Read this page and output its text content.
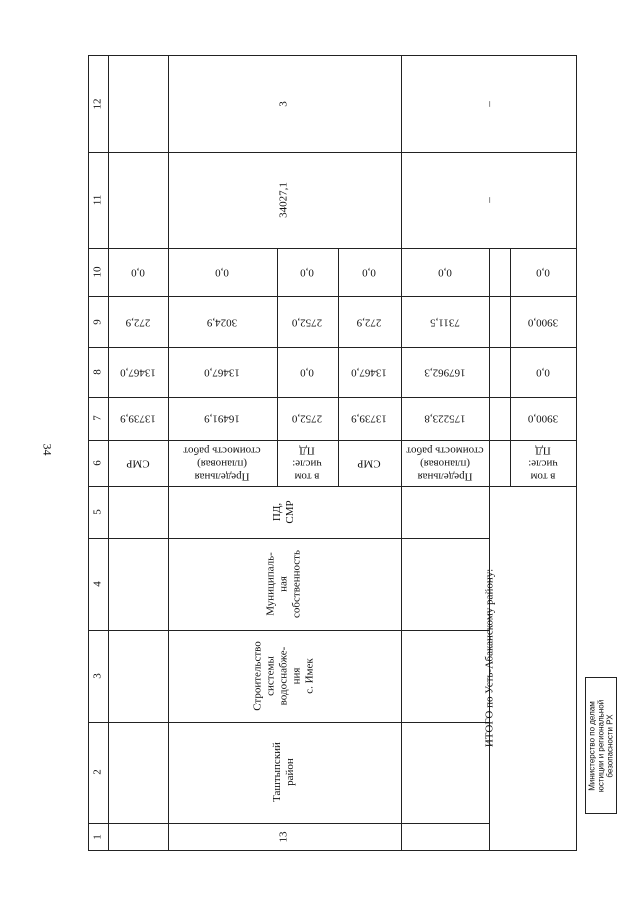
34
12
11
10
9
8
7
6
5
4
3
2
1	13
Таштыпский
район
Строительство
системы
водоснабже-
ния
с. Имек
Муниципаль-
ная
собственность
ПД,
СМР
34027,1
3
СМР
Предельная
(плановая)
стоимость работ
в том
числе:
ПД
СМР
13739,9
13467,0
272,9
0,0
16491,9
13467,0
3024,9
0,0
2752,0
0,0
2752,0
0,0
13739,9
13467,0
272,9
0,0
ИТОГО по Усть-Абаканскому району:
–
–
Предельная
(плановая)
стоимость работ
в том
числе:
ПД
175223,8
167962,3
7311,5
0,0
3900,0
0,0
3900,0
0,0
Министерство по делам
юстиции и региональной
безопасности РХ
